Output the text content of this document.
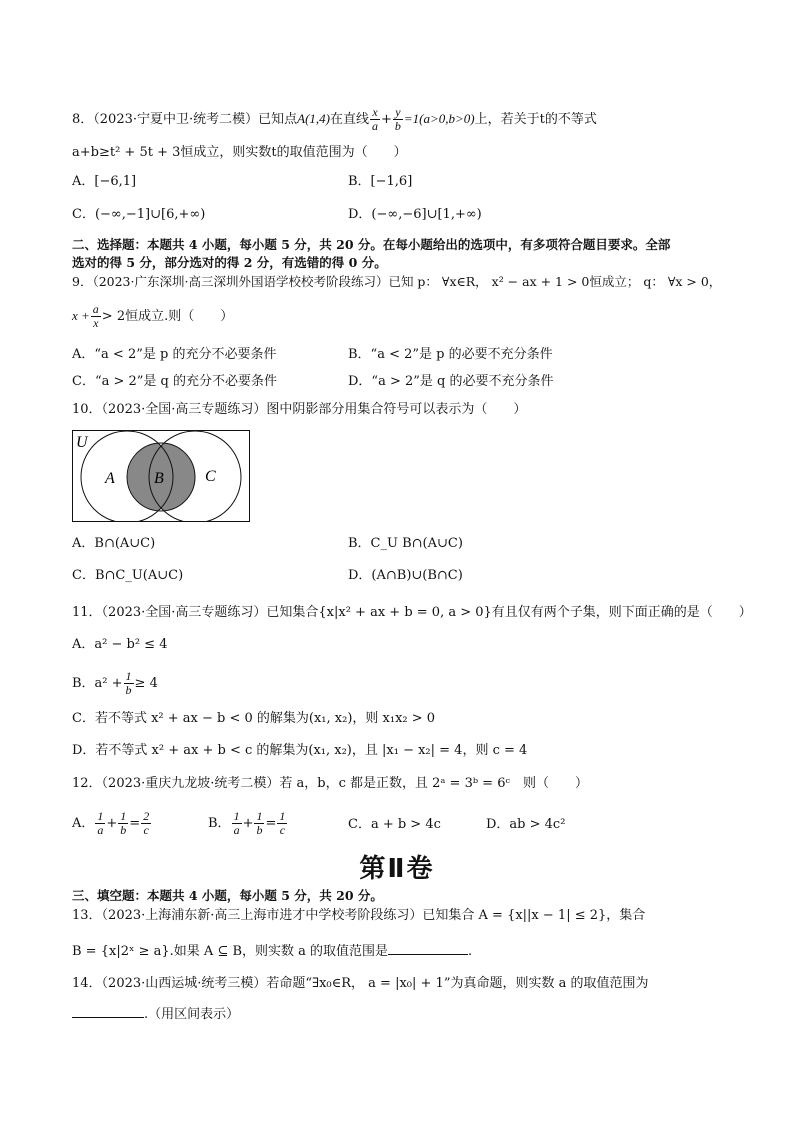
8．（2023·宁夏中卫·统考二模）已知点A(1,4)在直线 $\frac{x}{a} + \frac{y}{b} =1(a>0,b>0)$上，若关于t的不等式
a+b≥t² + 5t + 3恒成立，则实数t的取值范围为（　　）
A．[−6,1]	B．[−1,6]
C．(−∞,−1]∪[6,+∞)	D．(−∞,−6]∪[1,+∞)
二、选择题：本题共 4 小题，每小题 5 分，共 20 分。在每小题给出的选项中，有多项符合题目要求。全部
选对的得 5 分，部分选对的得 2 分，有选错的得 0 分。
9．（2023·广东深圳·高三深圳外国语学校校考阶段练习）已知 p： ∀x∈R， x² − ax + 1 > 0恒成立； q： ∀x > 0，
$x + \frac{a}{x} > 2$恒成立.则（　　）
A．“a < 2”是 p 的充分不必要条件	B．“a < 2”是 p 的必要不充分条件
C．“a > 2”是 q 的充分不必要条件	D．“a > 2”是 q 的必要不充分条件
10．（2023·全国·高三专题练习）图中阴影部分用集合符号可以表示为（　　）
U
A B	C
A．B∩(A∪C)	B．C_U B∩(A∪C)
C．B∩C_U(A∪C)	D．(A∩B)∪(B∩C)
11．（2023·全国·高三专题练习）已知集合{x|x² + ax + b = 0, a > 0}有且仅有两个子集，则下面正确的是（　　）
A．a² − b² ≤ 4
B．$a^2 + \frac{1}{b} \ge 4$
C．若不等式 x² + ax − b < 0 的解集为(x₁, x₂)，则 x₁x₂ > 0
D．若不等式 x² + ax + b < c 的解集为(x₁, x₂)，且 |x₁ − x₂| = 4，则 c = 4
12．（2023·重庆九龙坡·统考二模）若 a，b，c 都是正数，且 2ᵃ = 3ᵇ = 6ᶜ　则（　　）
A． $\frac{1}{a} + \frac{1}{b} = \frac{2}{c}$	B． $\frac{1}{a} + \frac{1}{b} = \frac{1}{c}$	C．a + b > 4c	D．ab > 4c²
第Ⅱ卷
三、填空题：本题共 4 小题，每小题 5 分，共 20 分。
13．（2023·上海浦东新·高三上海市进才中学校考阶段练习）已知集合 A = {x||x − 1| ≤ 2}，集合
B = {x|2ˣ ≥ a}.如果 A ⊆ B，则实数 a 的取值范围是	.
14．（2023·山西运城·统考三模）若命题“∃x₀∈R， a = |x₀| + 1”为真命题，则实数 a 的取值范围为
.（用区间表示）
